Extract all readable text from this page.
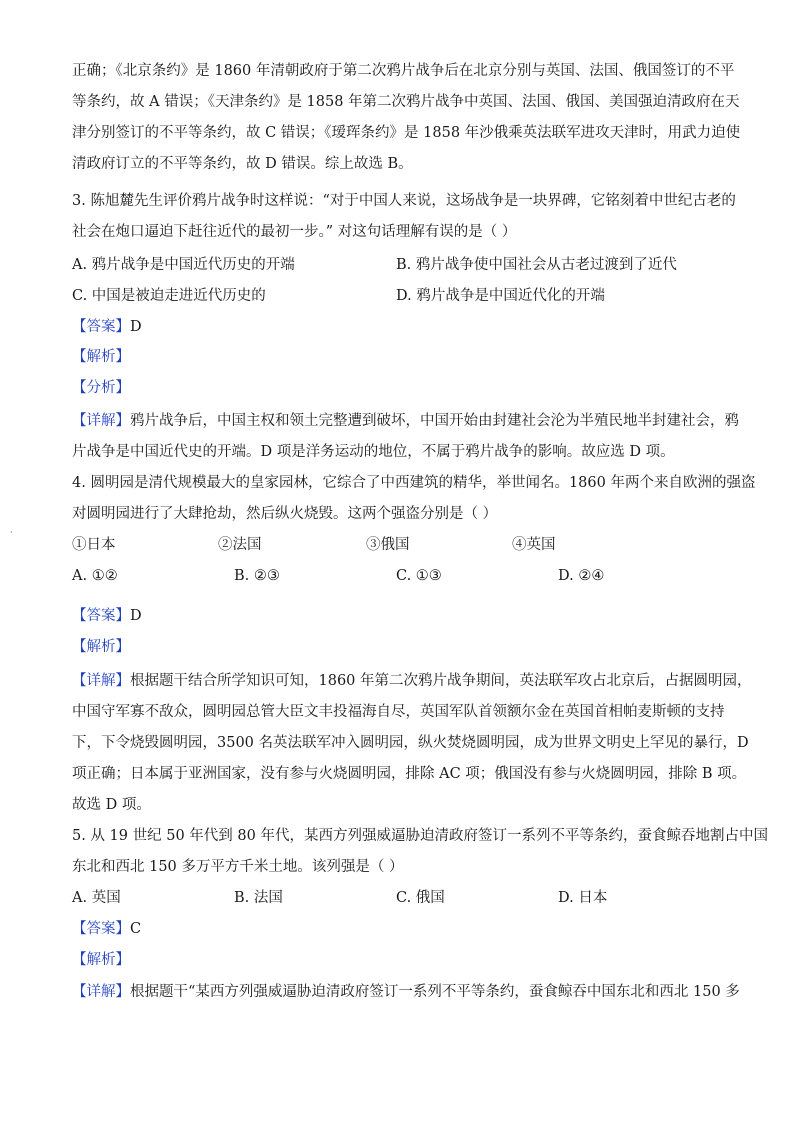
正确；《北京条约》是 1860 年清朝政府于第二次鸦片战争后在北京分别与英国、法国、俄国签订的不平
等条约，故 A 错误；《天津条约》是 1858 年第二次鸦片战争中英国、法国、俄国、美国强迫清政府在天
津分别签订的不平等条约，故 C 错误；《瑷珲条约》是 1858 年沙俄乘英法联军进攻天津时，用武力迫使
清政府订立的不平等条约，故 D 错误。综上故选 B。
3. 陈旭麓先生评价鸦片战争时这样说：“对于中国人来说，这场战争是一块界碑，它铭刻着中世纪古老的
社会在炮口逼迫下赶往近代的最初一步。” 对这句话理解有误的是（ ）
A. 鸦片战争是中国近代历史的开端	B. 鸦片战争使中国社会从古老过渡到了近代
C. 中国是被迫走进近代历史的	D. 鸦片战争是中国近代化的开端
【答案】D
【解析】
【分析】
【详解】鸦片战争后，中国主权和领土完整遭到破坏，中国开始由封建社会沦为半殖民地半封建社会，鸦
片战争是中国近代史的开端。D 项是洋务运动的地位，不属于鸦片战争的影响。故应选 D 项。
4. 圆明园是清代规模最大的皇家园林，它综合了中西建筑的精华，举世闻名。1860 年两个来自欧洲的强盗
对圆明园进行了大肆抢劫，然后纵火烧毁。这两个强盗分别是（ ）
①日本	②法国	③俄国	④英国
A. ①②	B. ②③	C. ①③	D. ②④
【答案】D
【解析】
【详解】根据题干结合所学知识可知，1860 年第二次鸦片战争期间，英法联军攻占北京后，占据圆明园，
中国守军寡不敌众，圆明园总管大臣文丰投福海自尽，英国军队首领额尔金在英国首相帕麦斯顿的支持
下，下令烧毁圆明园，3500 名英法联军冲入圆明园，纵火焚烧圆明园，成为世界文明史上罕见的暴行，D
项正确；日本属于亚洲国家，没有参与火烧圆明园，排除 AC 项；俄国没有参与火烧圆明园，排除 B 项。
故选 D 项。
5. 从 19 世纪 50 年代到 80 年代，某西方列强威逼胁迫清政府签订一系列不平等条约，蚕食鲸吞地割占中国
东北和西北 150 多万平方千米土地。该列强是（ ）
A. 英国	B. 法国	C. 俄国	D. 日本
【答案】C
【解析】
【详解】根据题干“某西方列强威逼胁迫清政府签订一系列不平等条约，蚕食鲸吞中国东北和西北 150 多
·
